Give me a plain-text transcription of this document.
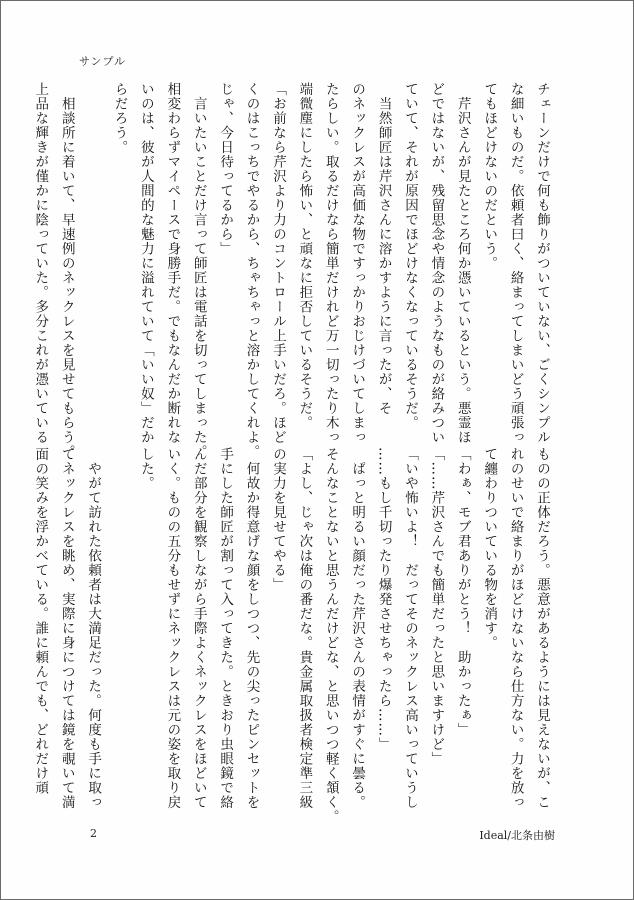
サンプル
チェーンだけで何も飾りがついていない、ごくシンプル
な細いものだ。依頼者曰く、絡まってしまいどう頑張っ
てもほどけないのだという。
　芹沢さんが見たところ何か憑いているという。悪霊ほ
どではないが、残留思念や情念のようなものが絡みつい
ていて、それが原因でほどけなくなっているそうだ。
　当然師匠は芹沢さんに溶かすように言ったが、そ
のネックレスが高価な物ですっかりおじけづいてしまっ
たらしい。取るだけなら簡単だけれど万一切ったり木っ
端微塵にしたら怖い、と頑なに拒否しているそうだ。
「お前なら芹沢より力のコントロール上手いだろ。ほど
くのはこっちでやるから、ちゃちゃっと溶かしてくれよ。
じゃ、今日待ってるから」
　言いたいことだけ言って師匠は電話を切ってしまった。
相変わらずマイペースで身勝手だ。でもなんだか断れな
いのは、彼が人間的な魅力に溢れていて「いい奴」だか
らだろう。

　相談所に着いて、早速例のネックレスを見せてもらう。
上品な輝きが僅かに陰っていた。多分これが憑いている
ものの正体だろう。悪意があるようには見えないが、こ
れのせいで絡まりがほどけないなら仕方ない。力を放っ
て纏わりついている物を消す。
「わぁ、モブ君ありがとう！　助かったぁ」
「……芹沢さんでも簡単だったと思いますけど」
「いや怖いよ！　だってそのネックレス高いっていうし
……もし千切ったり爆発させちゃったら……」
　ぱっと明るい顔だった芹沢さんの表情がすぐに曇る。
そんなことないと思うんだけどな、と思いつつ軽く頷く。
「よし、じゃ次は俺の番だな。貴金属取扱者検定準三級
の実力を見せてやる」
　何故か得意げな顔をしつつ、先の尖ったピンセットを
手にした師匠が割って入ってきた。ときおり虫眼鏡で絡
んだ部分を観察しながら手際よくネックレスをほどいて
いく。ものの五分もせずにネックレスは元の姿を取り戻
した。

　やがて訪れた依頼者は大満足だった。何度も手に取っ
てネックレスを眺め、実際に身につけては鏡を覗いて満
面の笑みを浮かべている。誰に頼んでも、どれだけ頑
2	Ideal/北条由樹
